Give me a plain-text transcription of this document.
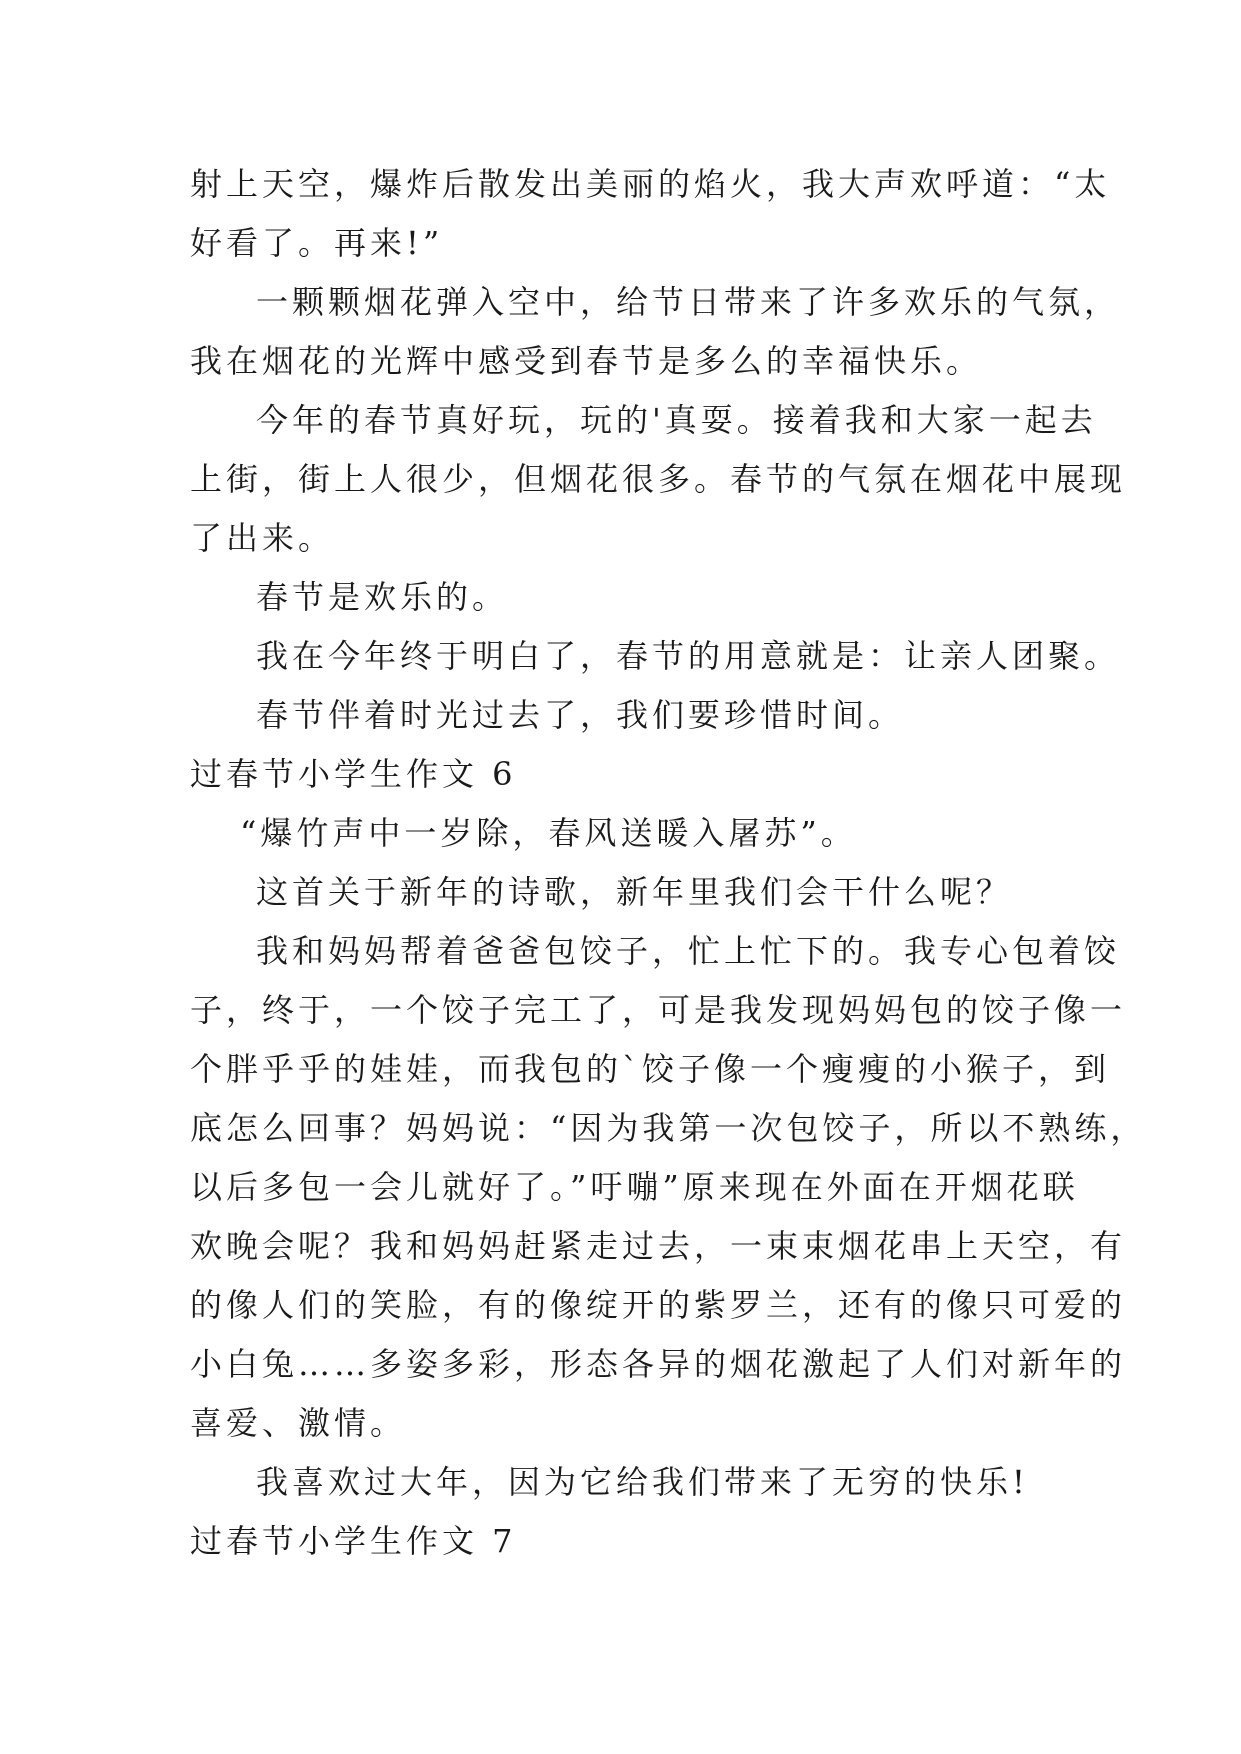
射上天空，爆炸后散发出美丽的焰火，我大声欢呼道：“太
好看了。再来!”
一颗颗烟花弹入空中，给节日带来了许多欢乐的气氛，
我在烟花的光辉中感受到春节是多么的幸福快乐。
今年的春节真好玩，玩的'真耍。接着我和大家一起去
上街，街上人很少，但烟花很多。春节的气氛在烟花中展现
了出来。
春节是欢乐的。
我在今年终于明白了，春节的用意就是：让亲人团聚。
春节伴着时光过去了，我们要珍惜时间。
过春节小学生作文 6
“爆竹声中一岁除，春风送暖入屠苏”。
这首关于新年的诗歌，新年里我们会干什么呢？
我和妈妈帮着爸爸包饺子，忙上忙下的。我专心包着饺
子，终于，一个饺子完工了，可是我发现妈妈包的饺子像一
个胖乎乎的娃娃，而我包的`饺子像一个瘦瘦的小猴子，到
底怎么回事？妈妈说：“因为我第一次包饺子，所以不熟练，
以后多包一会儿就好了。”吁嘣”原来现在外面在开烟花联
欢晚会呢？我和妈妈赶紧走过去，一束束烟花串上天空，有
的像人们的笑脸，有的像绽开的紫罗兰，还有的像只可爱的
小白兔……多姿多彩，形态各异的烟花激起了人们对新年的
喜爱、激情。
我喜欢过大年，因为它给我们带来了无穷的快乐!
过春节小学生作文 7
